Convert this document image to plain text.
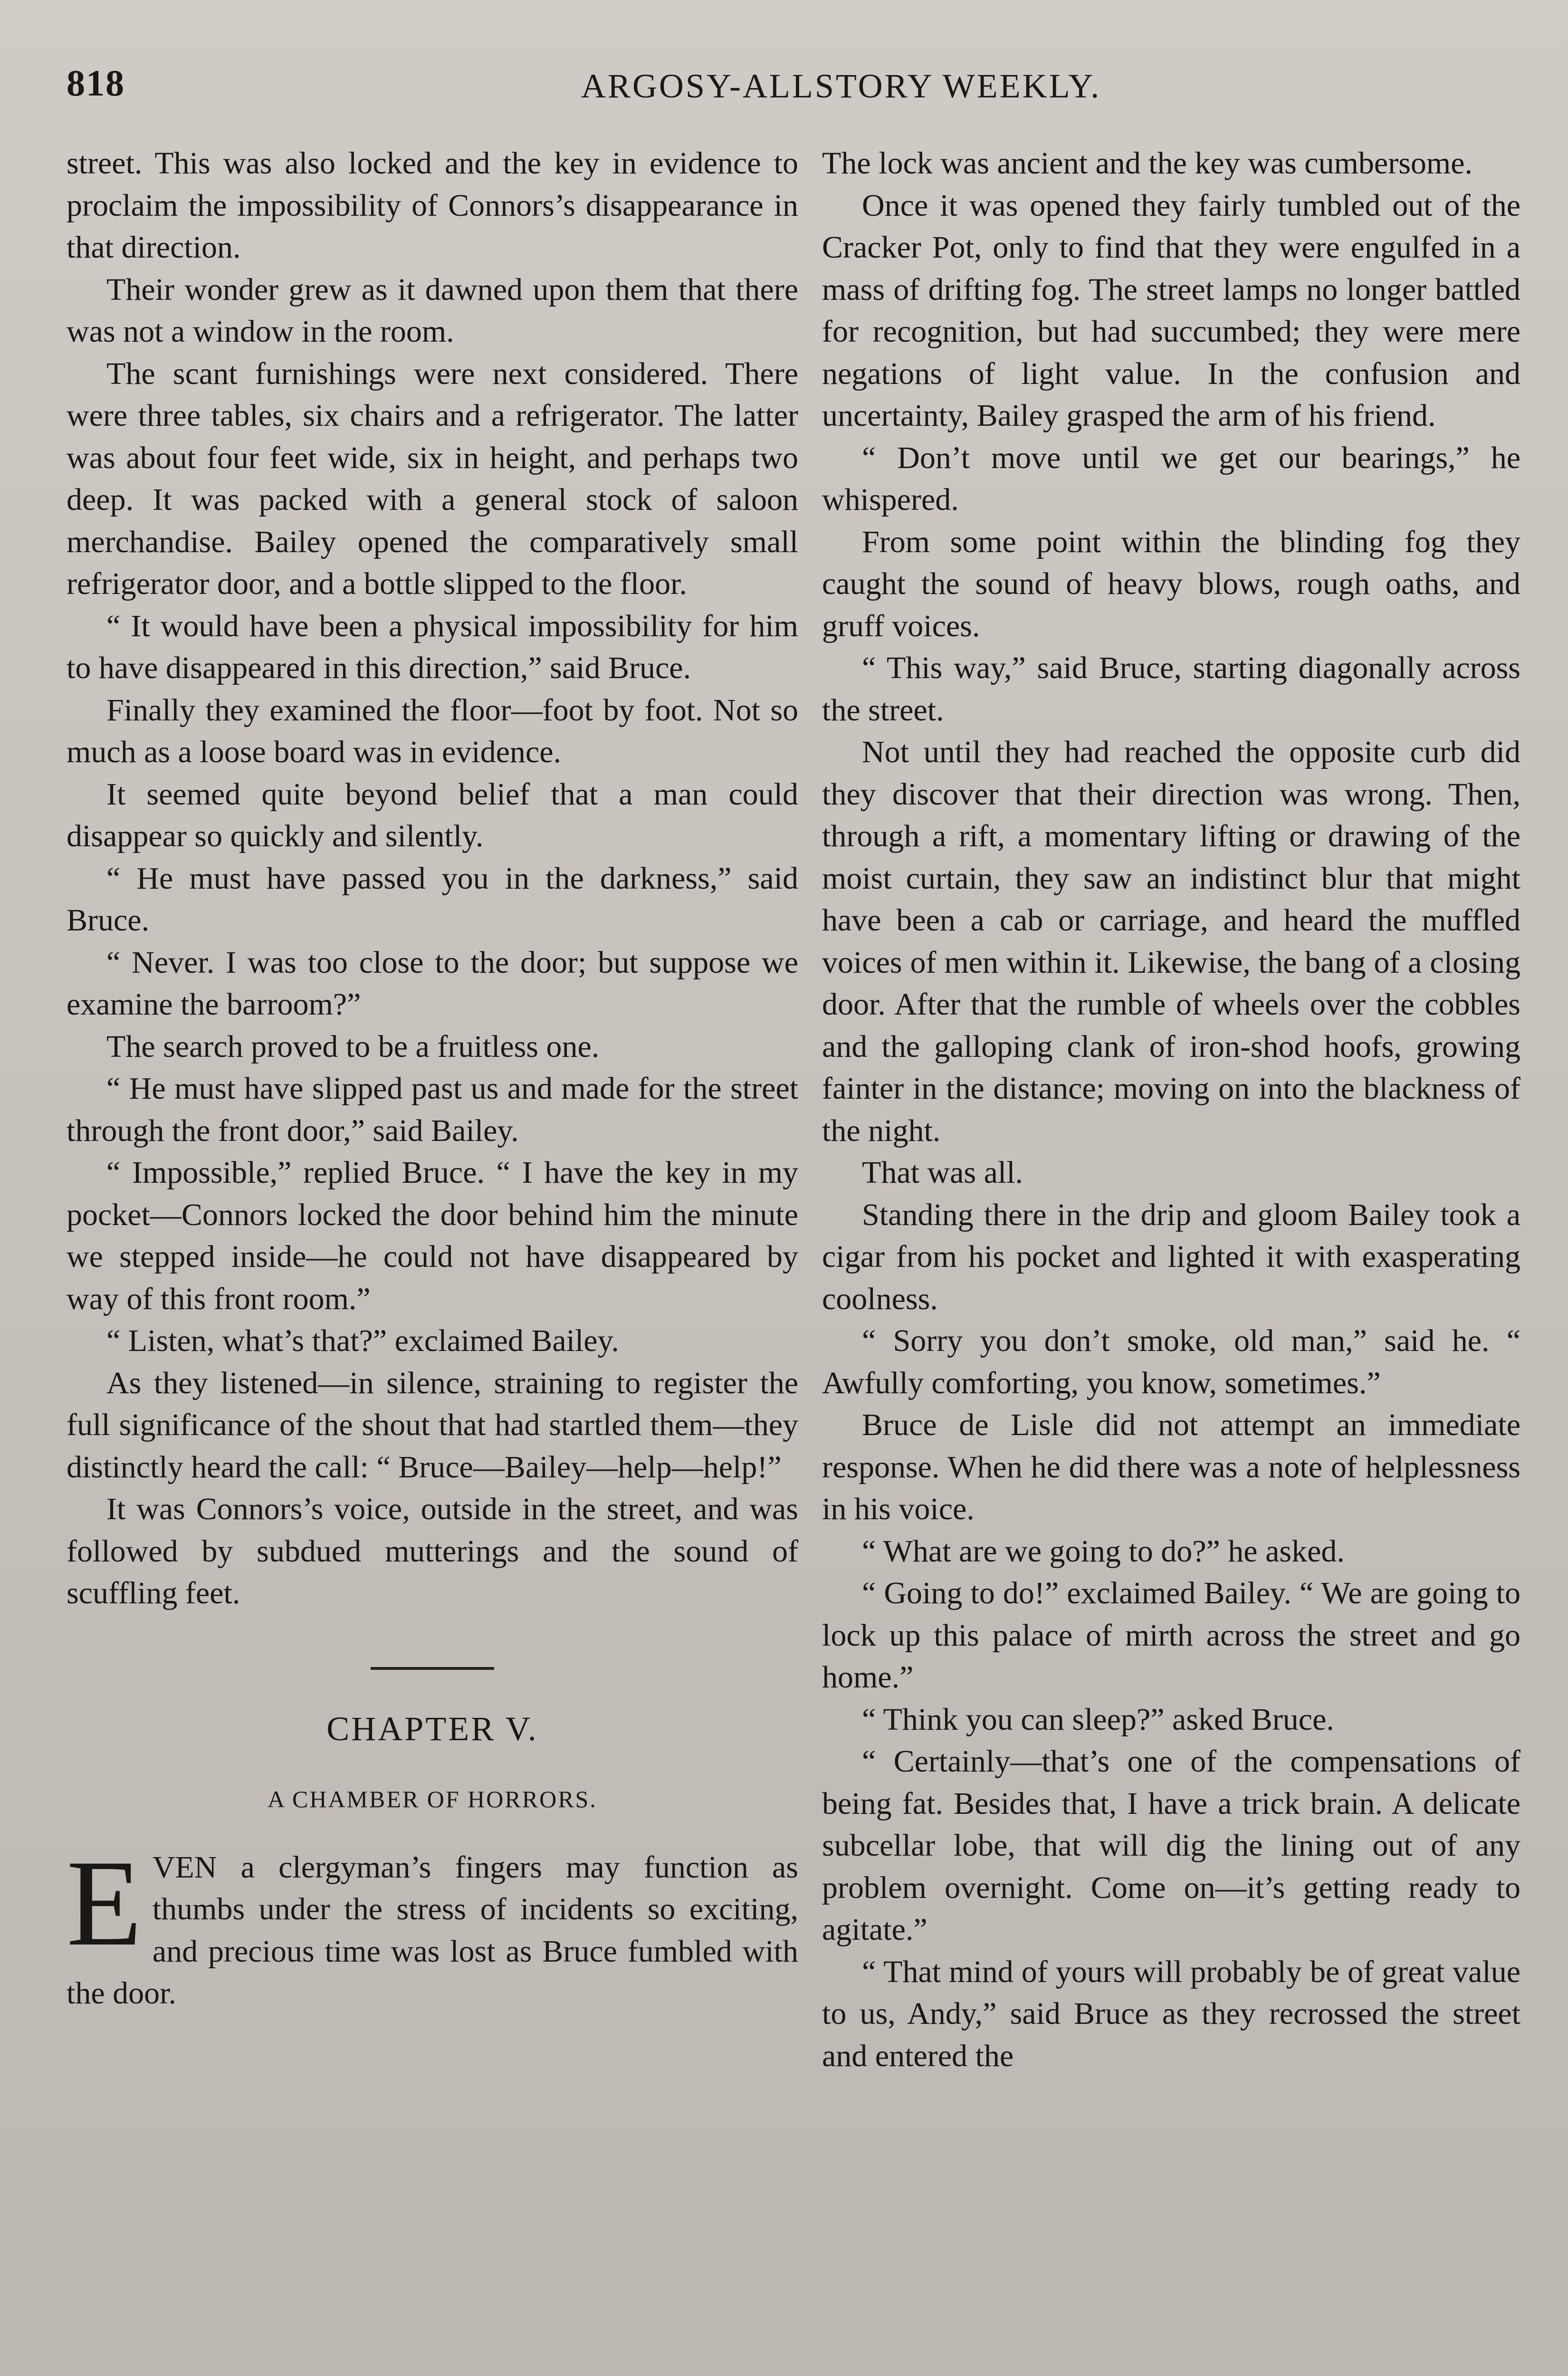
818	ARGOSY-ALLSTORY WEEKLY.

street. This was also locked and the key in evidence to proclaim the impossibility of Connors’s disappearance in that direction.

Their wonder grew as it dawned upon them that there was not a window in the room.

The scant furnishings were next considered. There were three tables, six chairs and a refrigerator. The latter was about four feet wide, six in height, and perhaps two deep. It was packed with a general stock of saloon merchandise. Bailey opened the comparatively small refrigerator door, and a bottle slipped to the floor.

“ It would have been a physical impossibility for him to have disappeared in this direction,” said Bruce.

Finally they examined the floor—foot by foot. Not so much as a loose board was in evidence.

It seemed quite beyond belief that a man could disappear so quickly and silently.

“ He must have passed you in the darkness,” said Bruce.

“ Never. I was too close to the door; but suppose we examine the barroom?”

The search proved to be a fruitless one.

“ He must have slipped past us and made for the street through the front door,” said Bailey.

“ Impossible,” replied Bruce. “ I have the key in my pocket—Connors locked the door behind him the minute we stepped inside—he could not have disappeared by way of this front room.”

“ Listen, what’s that?” exclaimed Bailey.

As they listened—in silence, straining to register the full significance of the shout that had startled them—they distinctly heard the call: “ Bruce—Bailey—help—help!”

It was Connors’s voice, outside in the street, and was followed by subdued mutterings and the sound of scuffling feet.

CHAPTER V.
A CHAMBER OF HORRORS.

EVEN a clergyman’s fingers may function as thumbs under the stress of incidents so exciting, and precious time was lost as Bruce fumbled with the door.

The lock was ancient and the key was cumbersome.

Once it was opened they fairly tumbled out of the Cracker Pot, only to find that they were engulfed in a mass of drifting fog. The street lamps no longer battled for recognition, but had succumbed; they were mere negations of light value. In the confusion and uncertainty, Bailey grasped the arm of his friend.

“ Don’t move until we get our bearings,” he whispered.

From some point within the blinding fog they caught the sound of heavy blows, rough oaths, and gruff voices.

“ This way,” said Bruce, starting diagonally across the street.

Not until they had reached the opposite curb did they discover that their direction was wrong. Then, through a rift, a momentary lifting or drawing of the moist curtain, they saw an indistinct blur that might have been a cab or carriage, and heard the muffled voices of men within it. Likewise, the bang of a closing door. After that the rumble of wheels over the cobbles and the galloping clank of iron-shod hoofs, growing fainter in the distance; moving on into the blackness of the night.

That was all.

Standing there in the drip and gloom Bailey took a cigar from his pocket and lighted it with exasperating coolness.

“ Sorry you don’t smoke, old man,” said he. “ Awfully comforting, you know, sometimes.”

Bruce de Lisle did not attempt an immediate response. When he did there was a note of helplessness in his voice.

“ What are we going to do?” he asked.

“ Going to do!” exclaimed Bailey. “ We are going to lock up this palace of mirth across the street and go home.”

“ Think you can sleep?” asked Bruce.

“ Certainly—that’s one of the compensations of being fat. Besides that, I have a trick brain. A delicate subcellar lobe, that will dig the lining out of any problem overnight. Come on—it’s getting ready to agitate.”

“ That mind of yours will probably be of great value to us, Andy,” said Bruce as they recrossed the street and entered the
